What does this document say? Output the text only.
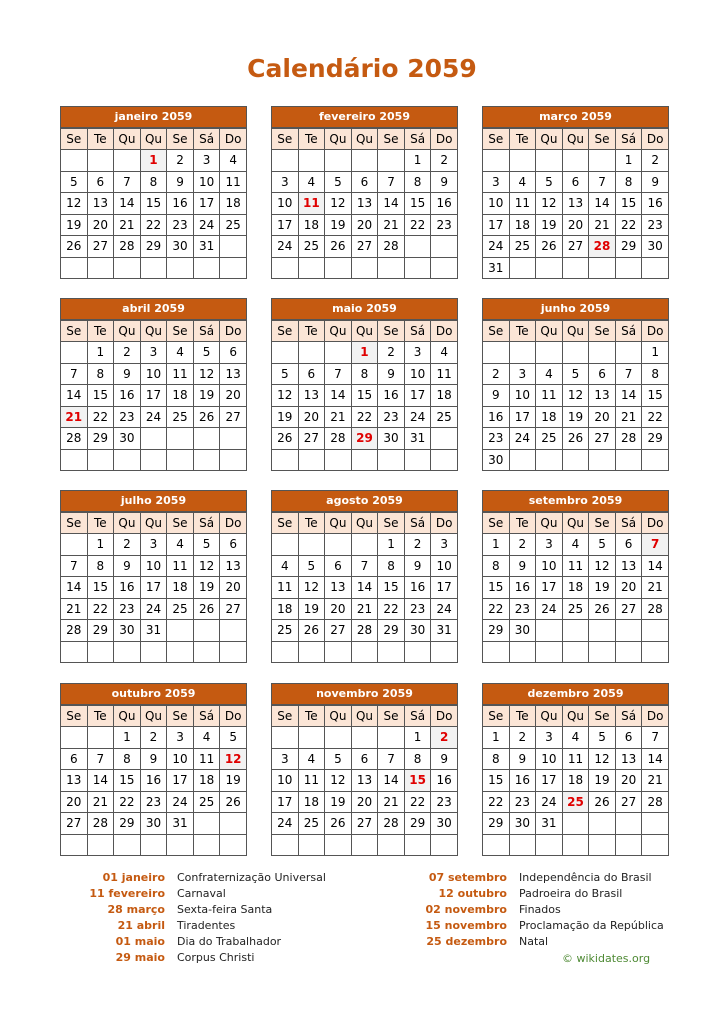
Calendário 2059
janeiro 2059
Se	Te	Qu	Qu	Se	Sá	Do
			1	2	3	4
5	6	7	8	9	10	11
12	13	14	15	16	17	18
19	20	21	22	23	24	25
26	27	28	29	30	31	

fevereiro 2059
Se	Te	Qu	Qu	Se	Sá	Do
					1	2
3	4	5	6	7	8	9
10	11	12	13	14	15	16
17	18	19	20	21	22	23
24	25	26	27	28		

março 2059
Se	Te	Qu	Qu	Se	Sá	Do
					1	2
3	4	5	6	7	8	9
10	11	12	13	14	15	16
17	18	19	20	21	22	23
24	25	26	27	28	29	30
31						
abril 2059
Se	Te	Qu	Qu	Se	Sá	Do
	1	2	3	4	5	6
7	8	9	10	11	12	13
14	15	16	17	18	19	20
21	22	23	24	25	26	27
28	29	30				

maio 2059
Se	Te	Qu	Qu	Se	Sá	Do
			1	2	3	4
5	6	7	8	9	10	11
12	13	14	15	16	17	18
19	20	21	22	23	24	25
26	27	28	29	30	31	

junho 2059
Se	Te	Qu	Qu	Se	Sá	Do
						1
2	3	4	5	6	7	8
9	10	11	12	13	14	15
16	17	18	19	20	21	22
23	24	25	26	27	28	29
30						
julho 2059
Se	Te	Qu	Qu	Se	Sá	Do
	1	2	3	4	5	6
7	8	9	10	11	12	13
14	15	16	17	18	19	20
21	22	23	24	25	26	27
28	29	30	31			

agosto 2059
Se	Te	Qu	Qu	Se	Sá	Do
				1	2	3
4	5	6	7	8	9	10
11	12	13	14	15	16	17
18	19	20	21	22	23	24
25	26	27	28	29	30	31

setembro 2059
Se	Te	Qu	Qu	Se	Sá	Do
1	2	3	4	5	6	7
8	9	10	11	12	13	14
15	16	17	18	19	20	21
22	23	24	25	26	27	28
29	30					

outubro 2059
Se	Te	Qu	Qu	Se	Sá	Do
		1	2	3	4	5
6	7	8	9	10	11	12
13	14	15	16	17	18	19
20	21	22	23	24	25	26
27	28	29	30	31		

novembro 2059
Se	Te	Qu	Qu	Se	Sá	Do
					1	2
3	4	5	6	7	8	9
10	11	12	13	14	15	16
17	18	19	20	21	22	23
24	25	26	27	28	29	30

dezembro 2059
Se	Te	Qu	Qu	Se	Sá	Do
1	2	3	4	5	6	7
8	9	10	11	12	13	14
15	16	17	18	19	20	21
22	23	24	25	26	27	28
29	30	31				

01 janeiro Confraternização Universal
11 fevereiro Carnaval
28 março Sexta-feira Santa
21 abril Tiradentes
01 maio Dia do Trabalhador
29 maio Corpus Christi
07 setembro Independência do Brasil
12 outubro Padroeira do Brasil
02 novembro Finados
15 novembro Proclamação da República
25 dezembro Natal
© wikidates.org
